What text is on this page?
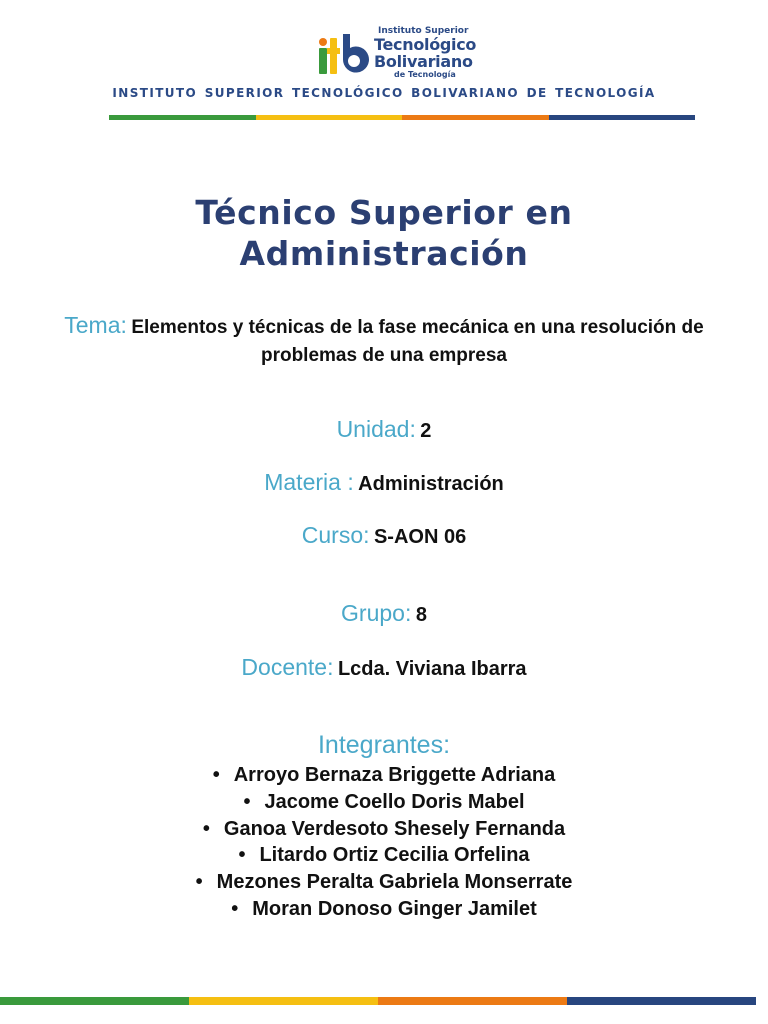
Instituto Superior
Tecnológico
Bolivariano
de Tecnología
INSTITUTO SUPERIOR TECNOLÓGICO BOLIVARIANO DE TECNOLOGÍA
Técnico Superior en
Administración
Tema: Elementos y técnicas de la fase mecánica en una resolución de problemas de una empresa
Unidad: 2
Materia : Administración
Curso: S-AON 06
Grupo: 8
Docente: Lcda. Viviana Ibarra
Integrantes:
• Arroyo Bernaza Briggette Adriana
• Jacome Coello Doris Mabel
• Ganoa Verdesoto Shesely Fernanda
• Litardo Ortiz Cecilia Orfelina
• Mezones Peralta Gabriela Monserrate
• Moran Donoso Ginger Jamilet
